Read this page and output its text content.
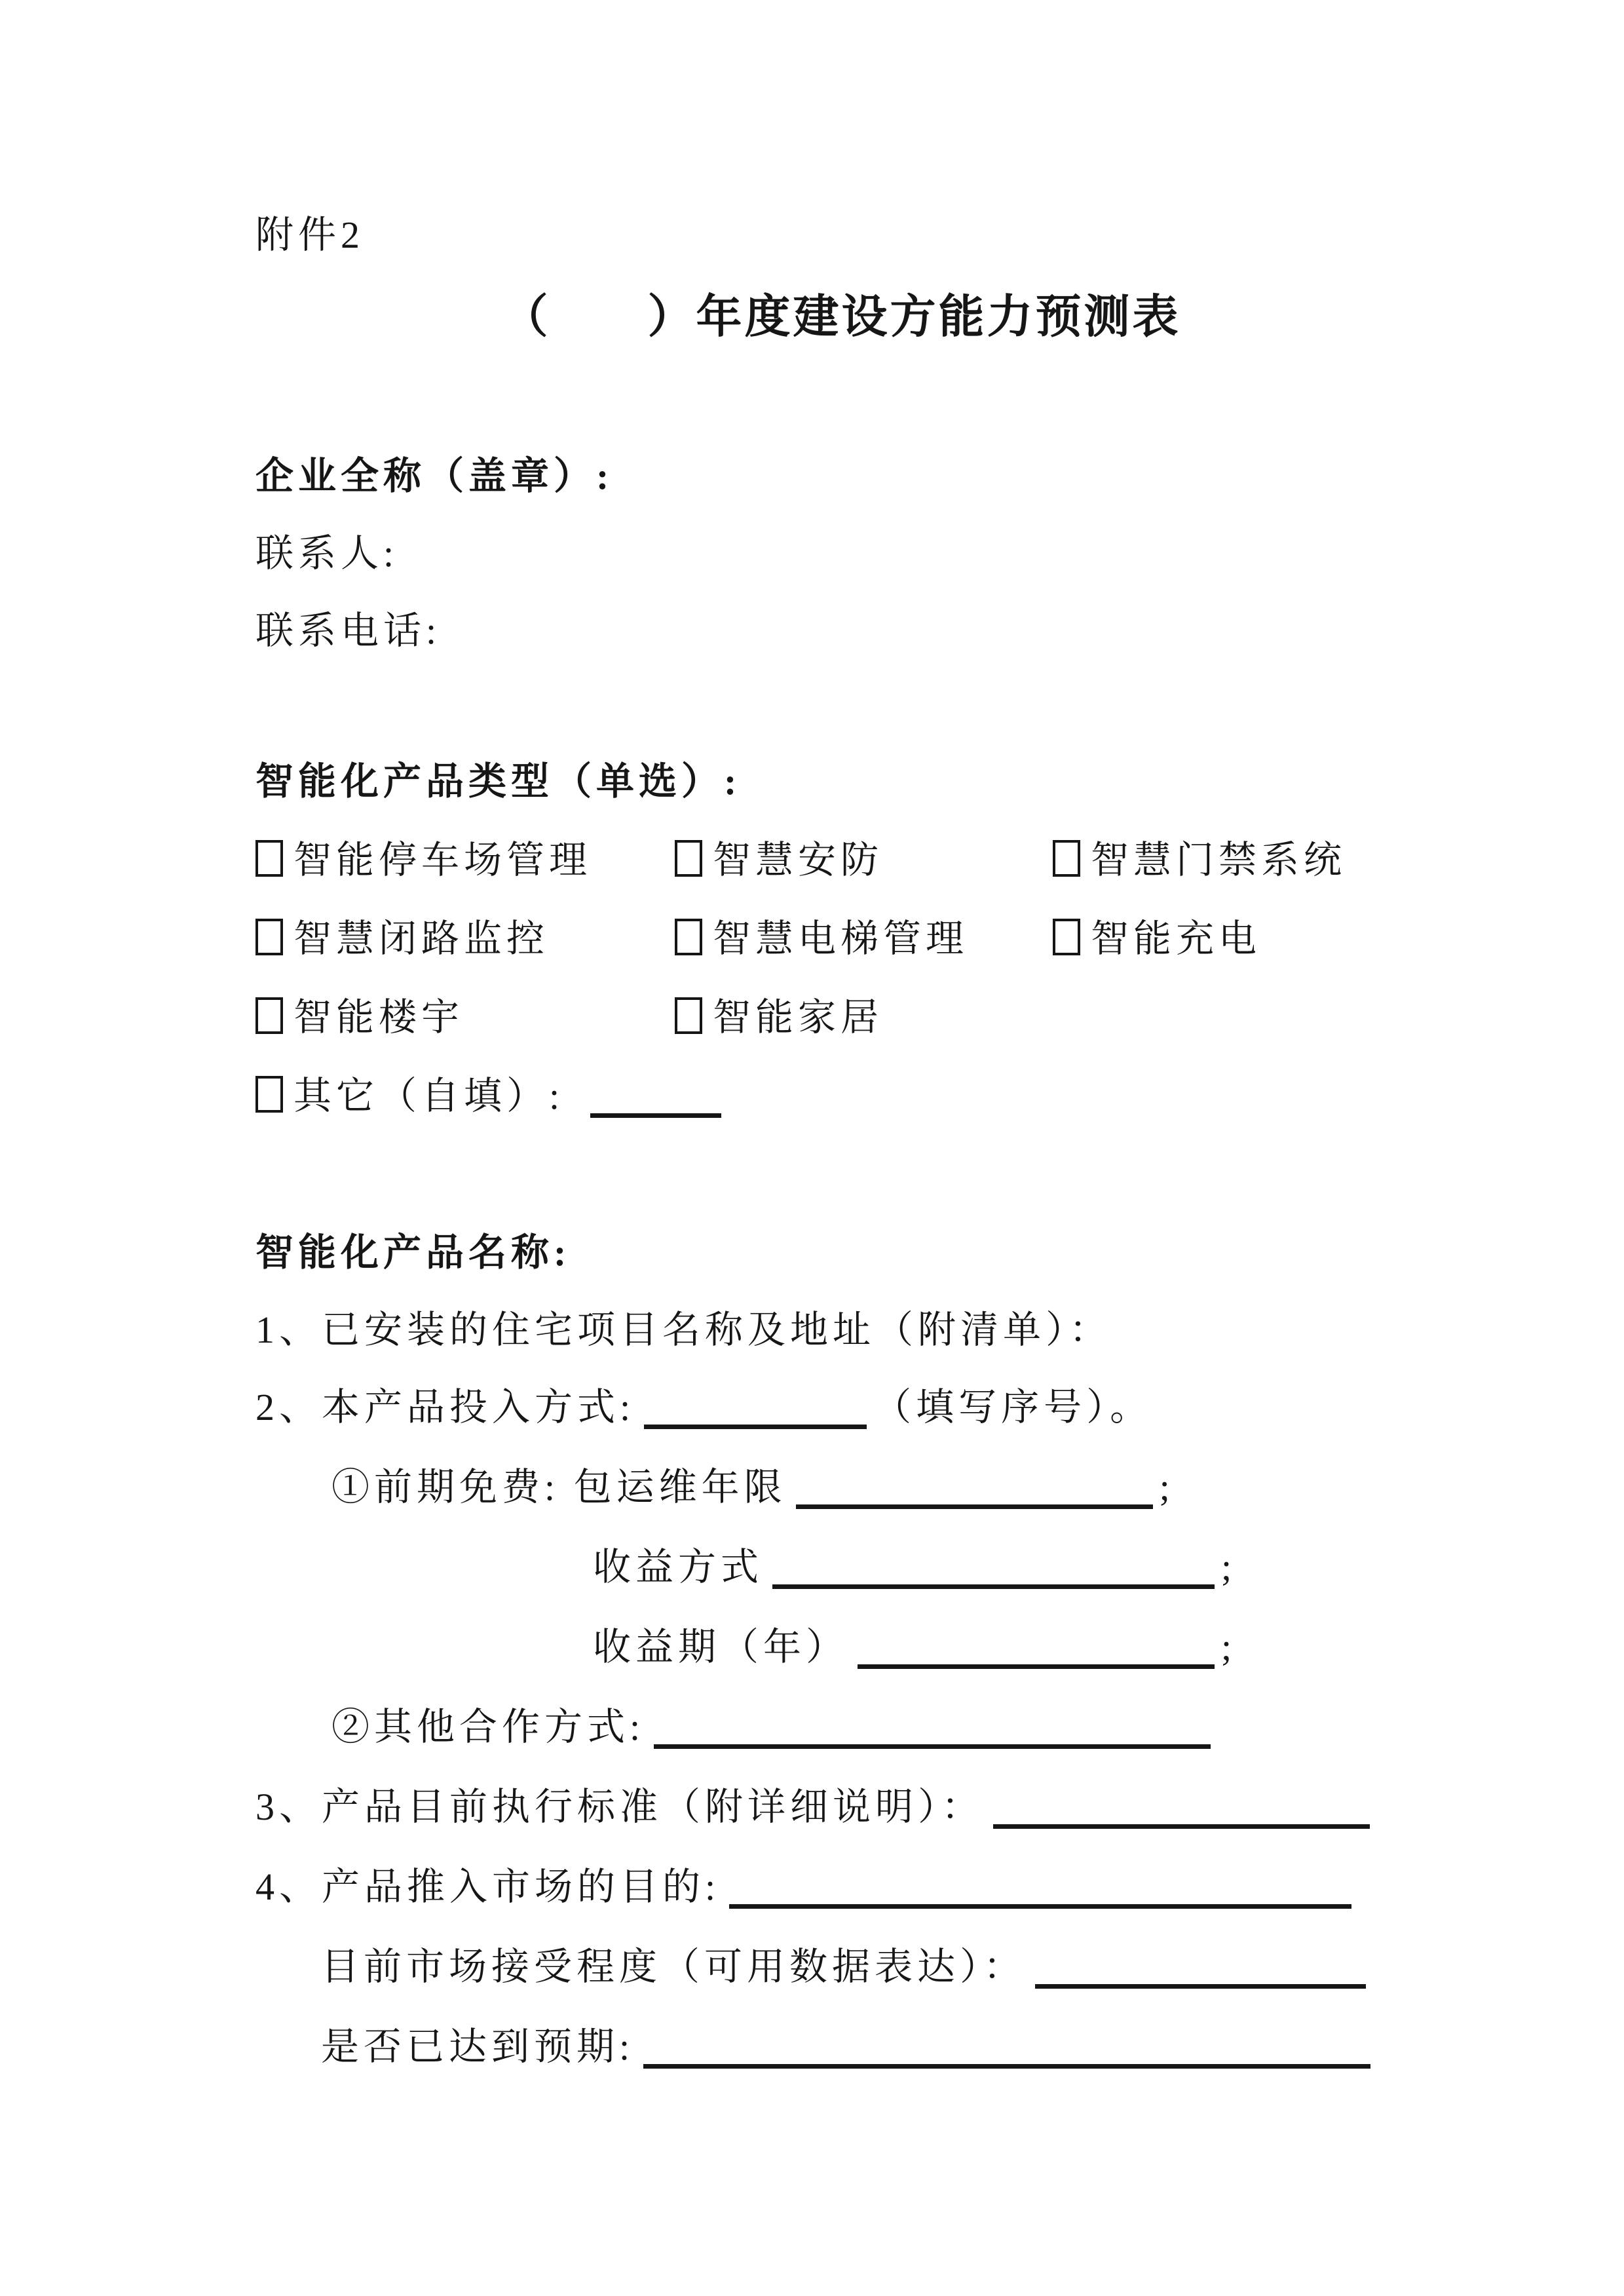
附件2
（　　）年度建设方能力预测表
企业全称（盖章）:
联系人:
联系电话:
智能化产品类型（单选）:
智能停车场管理	智慧安防	智慧门禁系统
智慧闭路监控	智慧电梯管理	智能充电
智能楼宇	智能家居
其它（自填）:
智能化产品名称:
1、已安装的住宅项目名称及地址（附清单）：
2、本产品投入方式:	（填写序号）。
①前期免费: 包运维年限	;
收益方式	;
收益期（年）	;
②其他合作方式:
3、产品目前执行标准（附详细说明）：
4、产品推入市场的目的:
目前市场接受程度（可用数据表达）：
是否已达到预期:
